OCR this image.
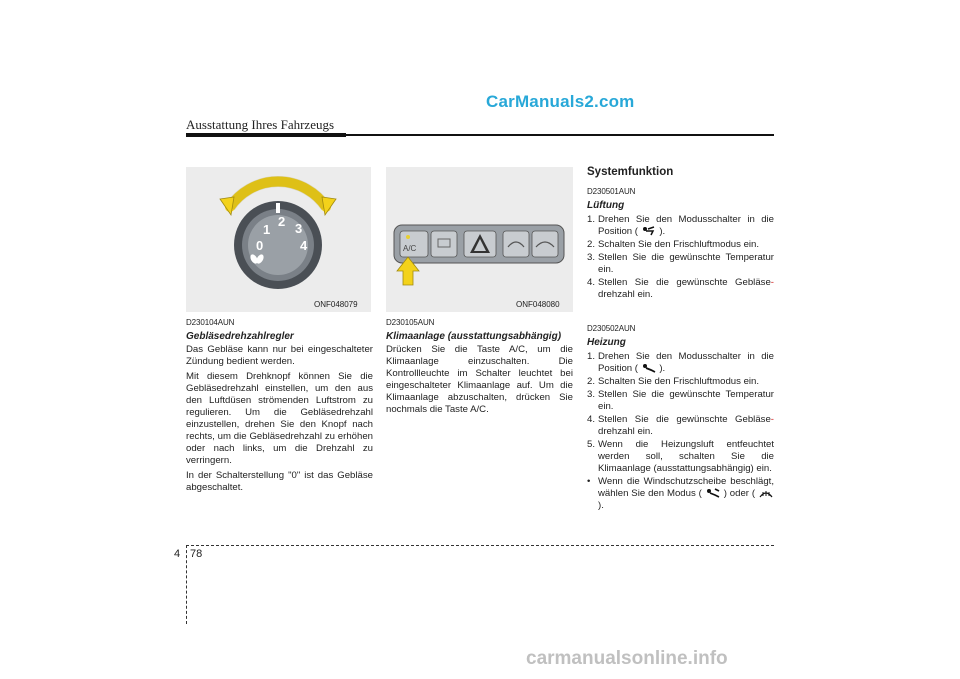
CarManuals2.com
Ausstattung Ihres Fahrzeugs
0
1
2 3
4
ONF048079
A/C
ONF048080
D230104AUN
Gebläsedrehzahlregler
Das Gebläse kann nur bei eingeschalteter Zündung bedient werden.
Mit diesem Drehknopf können Sie die Gebläsedrehzahl einstellen, um den aus den Luftdüsen strömenden Luftstrom zu regulieren. Um die Gebläsedrehzahl einzustellen, drehen Sie den Knopf nach rechts, um die Gebläsedrehzahl zu erhöhen oder nach links, um die Drehzahl zu verringern.
In der Schalterstellung "0" ist das Gebläse abgeschaltet.
D230105AUN
Klimaanlage (ausstattungsabhängig)
Drücken Sie die Taste A/C, um die Klimaanlage einzuschalten. Die Kontrollleuchte im Schalter leuchtet bei eingeschalteter Klimaanlage auf. Um die Klimaanlage abzuschalten, drücken Sie nochmals die Taste A/C.
Systemfunktion
D230501AUN
Lüftung
1. Drehen Sie den Modusschalter in die Position ( ).
2. Schalten Sie den Frischluftmodus ein.
3. Stellen Sie die gewünschte Temperatur ein.
4. Stellen Sie die gewünschte Gebläse- drehzahl ein.
D230502AUN
Heizung
1. Drehen Sie den Modusschalter in die Position ( ).
2. Schalten Sie den Frischluftmodus ein.
3. Stellen Sie die gewünschte Temperatur ein.
4. Stellen Sie die gewünschte Gebläse- drehzahl ein.
5. Wenn die Heizungsluft entfeuchtet werden soll, schalten Sie die Klimaanlage (ausstattungsabhängig) ein.
• Wenn die Windschutzscheibe beschlägt, wählen Sie den Modus ( ) oder (  ).
4 78
carmanualsonline.info
